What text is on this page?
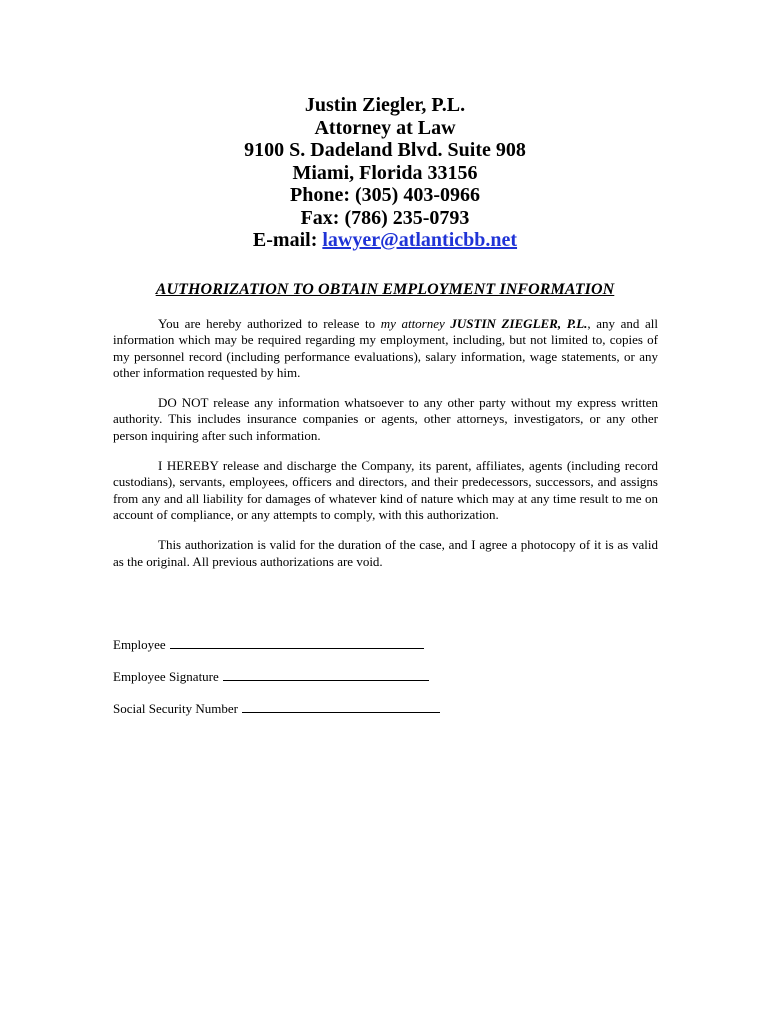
Justin Ziegler, P.L.
Attorney at Law
9100 S. Dadeland Blvd. Suite 908
Miami, Florida 33156
Phone: (305) 403-0966
Fax: (786) 235-0793
E-mail: lawyer@atlanticbb.net
AUTHORIZATION TO OBTAIN EMPLOYMENT INFORMATION

You are hereby authorized to release to my attorney JUSTIN ZIEGLER, P.L., any and all information which may be required regarding my employment, including, but not limited to, copies of my personnel record (including performance evaluations), salary information, wage statements, or any other information requested by him.

DO NOT release any information whatsoever to any other party without my express written authority. This includes insurance companies or agents, other attorneys, investigators, or any other person inquiring after such information.

I HEREBY release and discharge the Company, its parent, affiliates, agents (including record custodians), servants, employees, officers and directors, and their predecessors, successors, and assigns from any and all liability for damages of whatever kind of nature which may at any time result to me on account of compliance, or any attempts to comply, with this authorization.

This authorization is valid for the duration of the case, and I agree a photocopy of it is as valid as the original. All previous authorizations are void.

Employee
Employee Signature
Social Security Number
